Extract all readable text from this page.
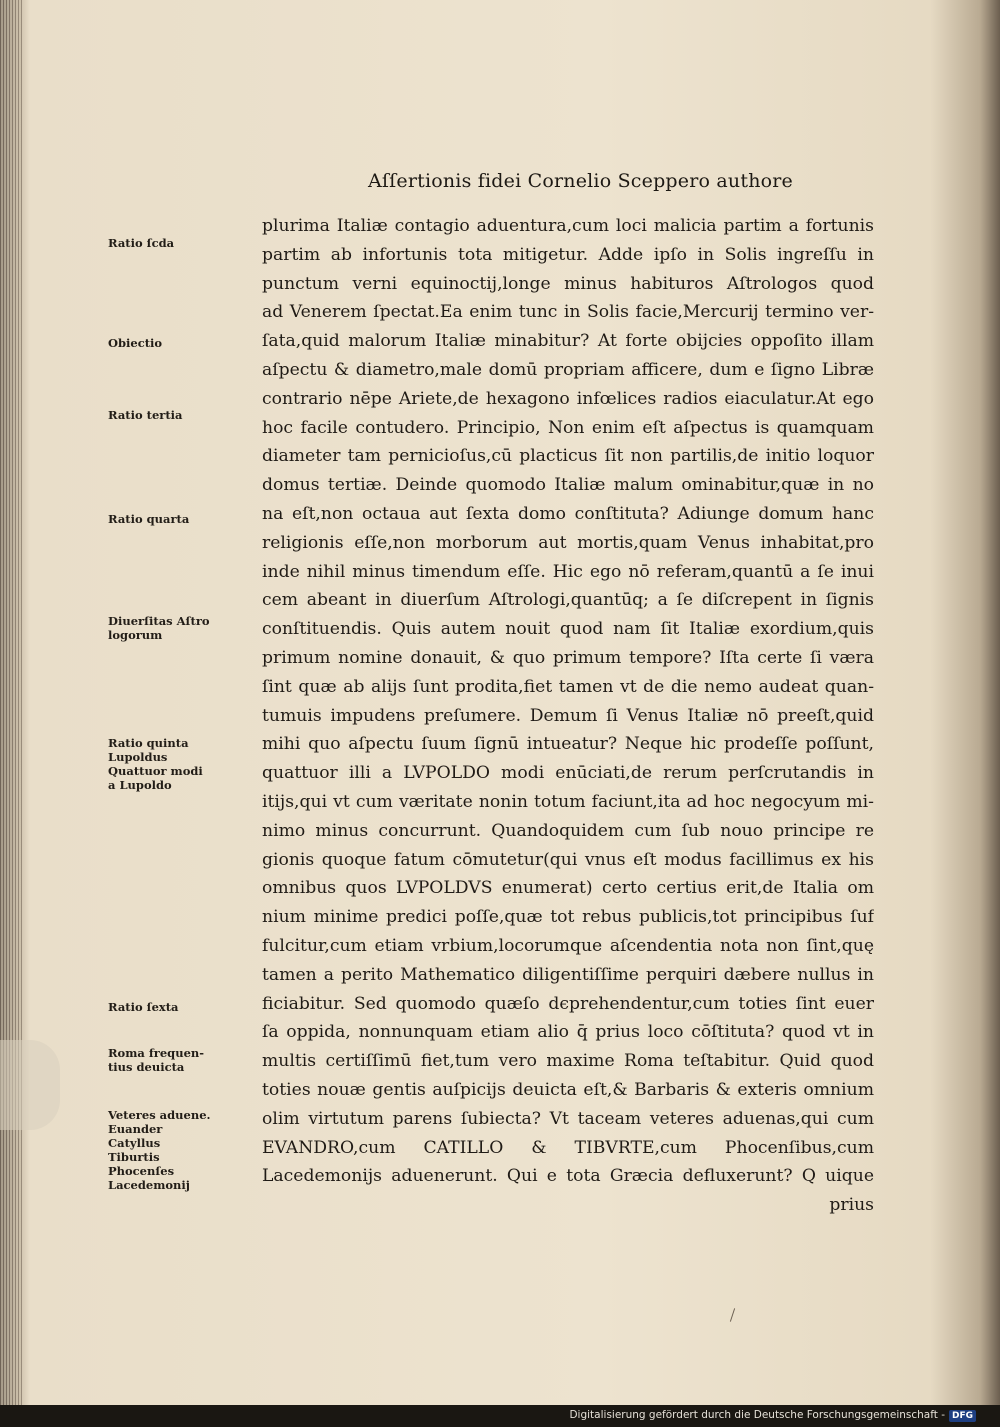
Aſſertionis fidei Cornelio Sceppero authore
plurima Italiæ contagio aduentura,cum loci malicia partim a fortunis
partim ab infortunis tota mitigetur. Adde ipſo in Solis ingreſſu in
punctum verni equinoctij,longe minus habituros Aſtrologos quod
ad Venerem ſpectat.Ea enim tunc in Solis facie,Mercurij termino ver-
ſata,quid malorum Italiæ minabitur? At forte obijcies oppoſito illam
aſpectu & diametro,male domū propriam afficere, dum e ſigno Libræ
contrario nēpe Ariete,de hexagono infœlices radios eiaculatur.At ego
hoc facile contudero. Principio, Non enim eſt aſpectus is quamquam
diameter tam pernicioſus,cū placticus ſit non partilis,de initio loquor
domus tertiæ. Deinde quomodo Italiæ malum ominabitur,quæ in no
na eſt,non octaua aut ſexta domo conſtituta? Adiunge domum hanc
religionis eſſe,non morborum aut mortis,quam Venus inhabitat,pro
inde nihil minus timendum eſſe. Hic ego nō referam,quantū a ſe inui
cem abeant in diuerſum Aſtrologi,quantūq; a ſe diſcrepent in ſignis
conſtituendis. Quis autem nouit quod nam ſit Italiæ exordium,quis
primum nomine donauit, & quo primum tempore? Iſta certe ſi væra
ſint quæ ab alijs ſunt prodita,fiet tamen vt de die nemo audeat quan-
tumuis impudens preſumere. Demum ſi Venus Italiæ nō preeſt,quid
mihi quo aſpectu ſuum ſignū intueatur? Neque hic prodeſſe poſſunt,
quattuor illi a LVPOLDO modi enūciati,de rerum perſcrutandis in
itijs,qui vt cum væritate nonin totum faciunt,ita ad hoc negocyum mi-
nimo minus concurrunt. Quandoquidem cum ſub nouo principe re
gionis quoque fatum cōmutetur(qui vnus eſt modus facillimus ex his
omnibus quos LVPOLDVS enumerat) certo certius erit,de Italia om
nium minime predici poſſe,quæ tot rebus publicis,tot principibus ſuf
fulcitur,cum etiam vrbium,locorumque aſcendentia nota non ſint,quę
tamen a perito Mathematico diligentiſſime perquiri dæbere nullus in
ficiabitur. Sed quomodo quæſo dєprehendentur,cum toties ſint euer
ſa oppida, nonnunquam etiam alio q̄ prius loco cōſtituta? quod vt in
multis certiſſimū fiet,tum vero maxime Roma teſtabitur. Quid quod
toties nouæ gentis auſpicijs deuicta eſt,& Barbaris & exteris omnium
olim virtutum parens ſubiecta? Vt taceam veteres aduenas,qui cum
EVANDRO,cum CATILLO & TIBVRTE,cum Phocenſibus,cum
Lacedemonijs aduenerunt. Qui e tota Græcia defluxerunt? Q uique
prius
Ratio ſcda
Obiectio
Ratio tertia
Ratio quarta
Diuerſitas Aſtro
logorum
Ratio quinta
Lupoldus
Quattuor modi
a Lupoldo
Ratio ſexta
Roma frequen-
tius deuicta
Veteres aduene.
Euander
Catyllus
Tiburtis
Phocenſes
Lacedemonij
Digitalisierung gefördert durch die Deutsche Forschungsgemeinschaft - DFG
